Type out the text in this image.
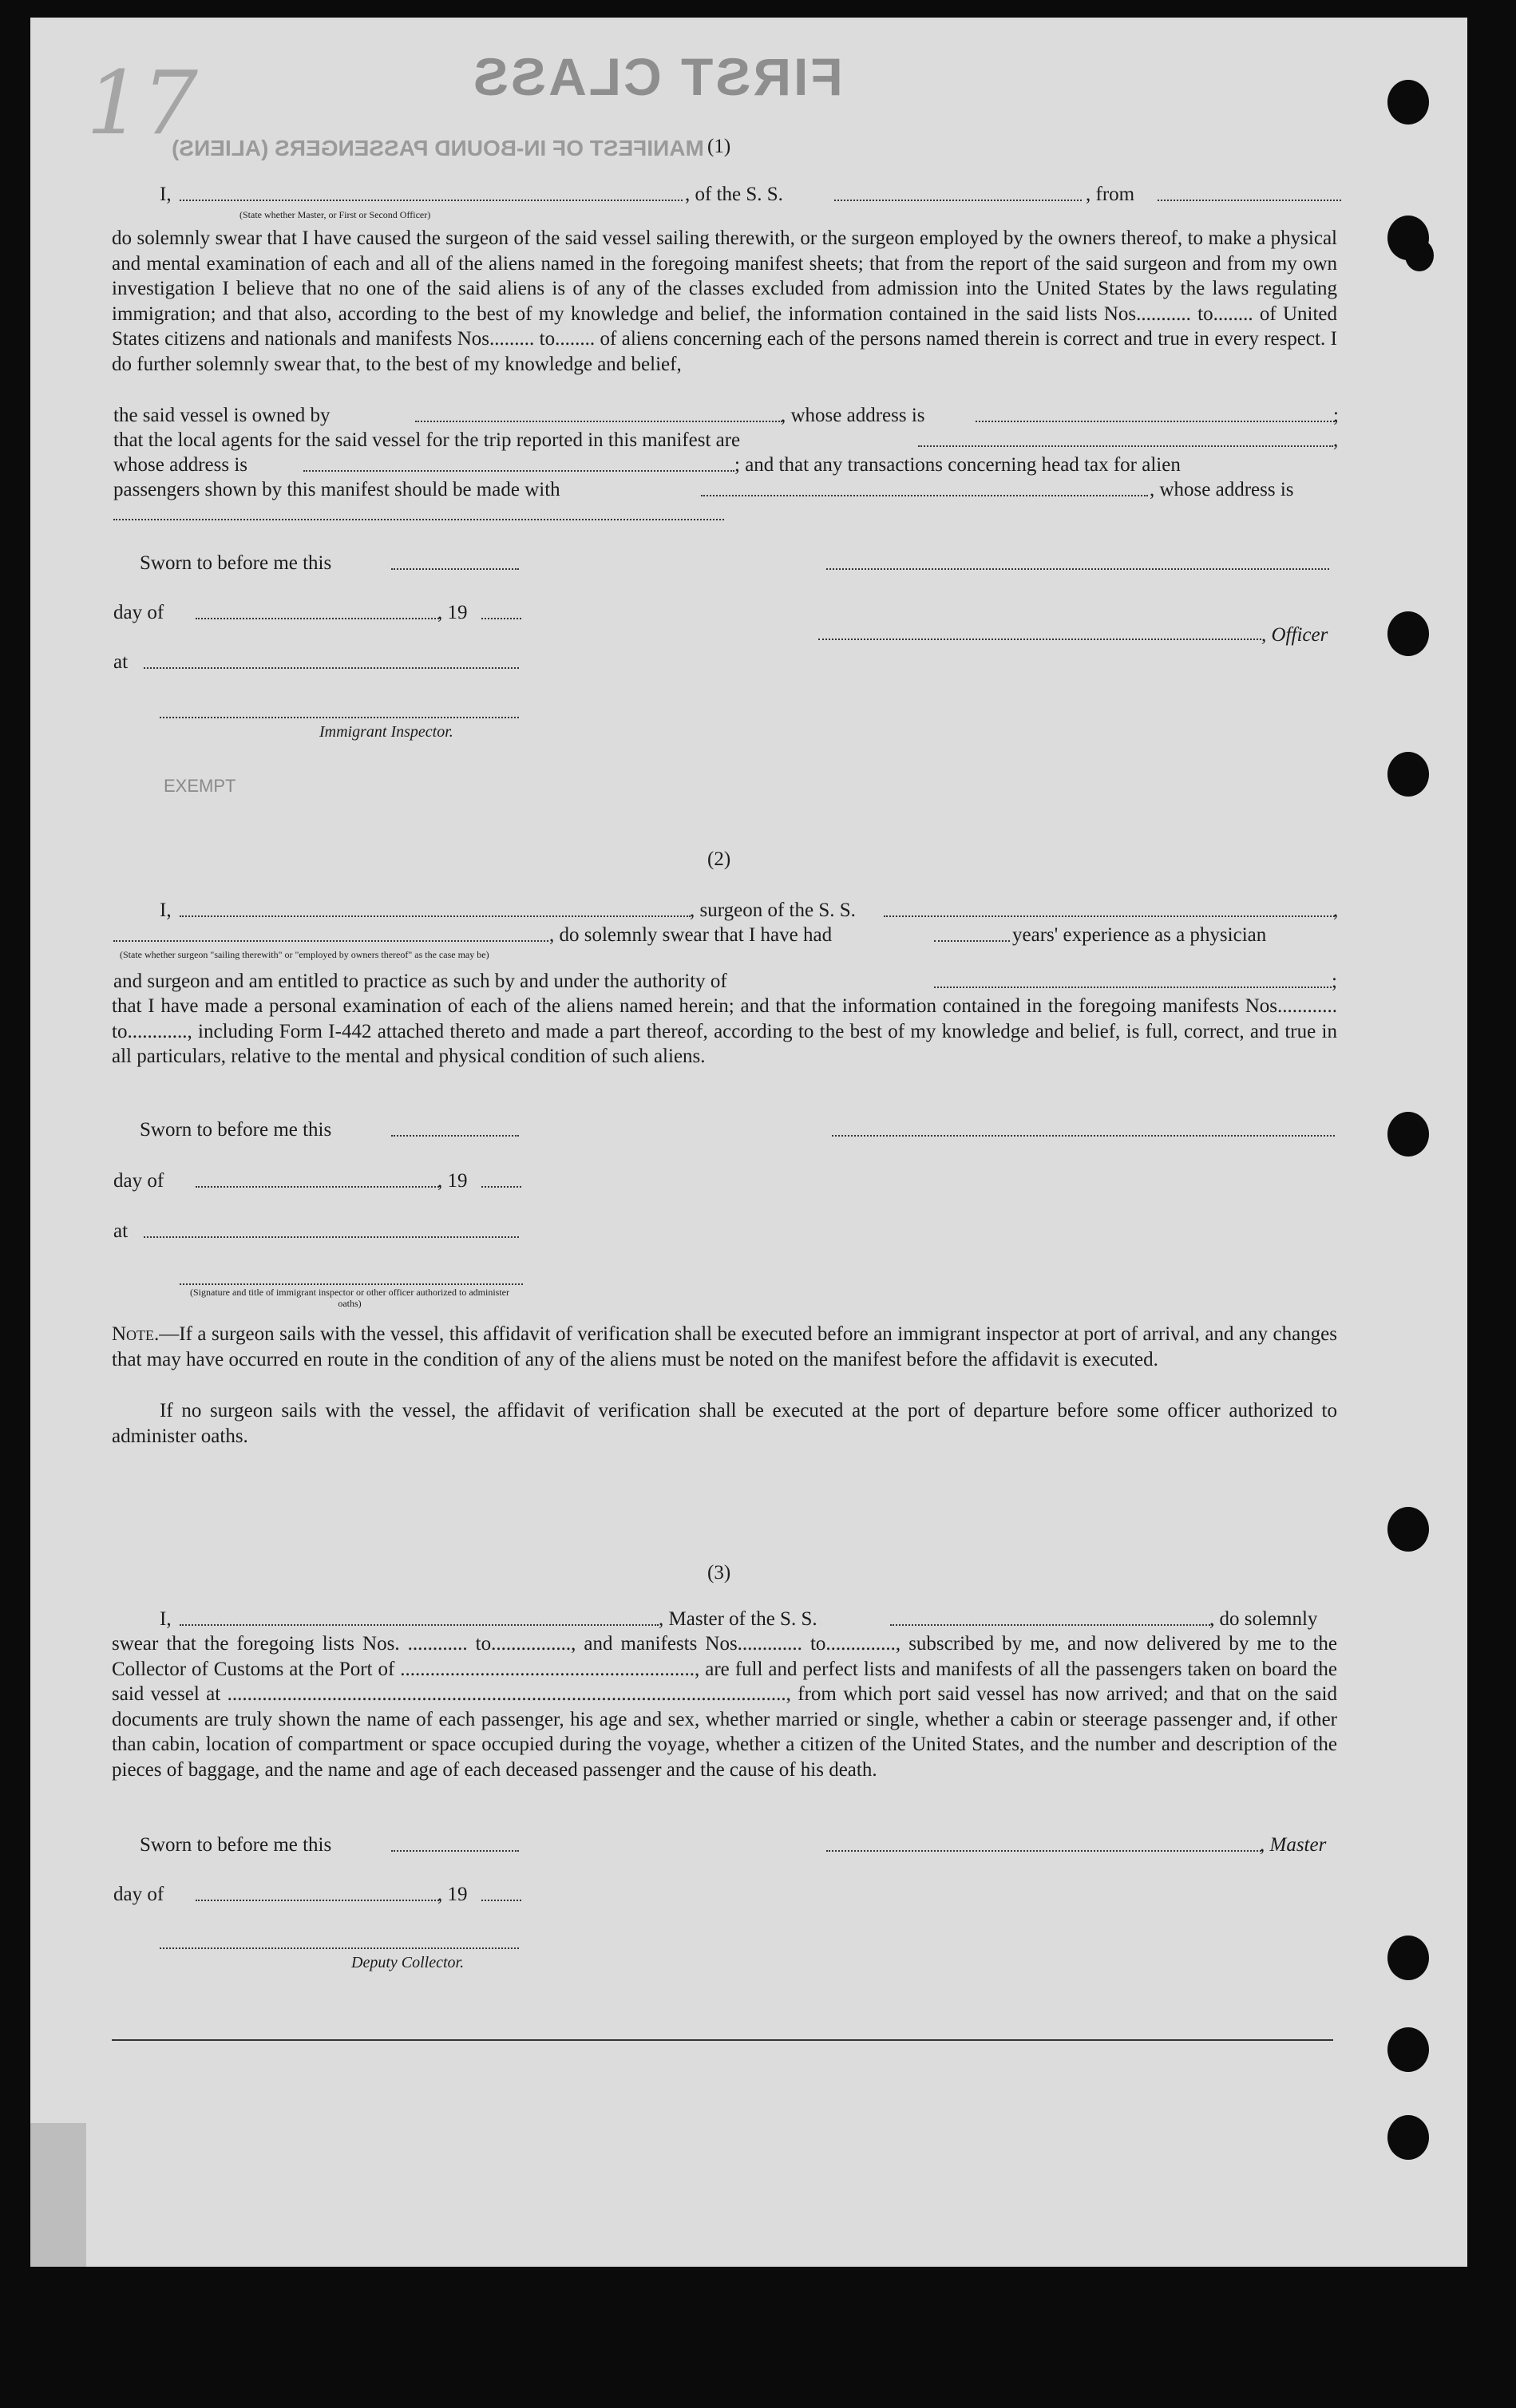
FIRST CLASS
MANIFEST OF IN-BOUND PASSENGERS (ALIENS)
17	(1)
I,	, of the S. S.	, from
(State whether Master, or First or Second Officer)
do solemnly swear that I have caused the surgeon of the said vessel sailing therewith, or the surgeon employed by the owners thereof, to make a physical and mental examination of each and all of the aliens named in the foregoing manifest sheets; that from the report of the said surgeon and from my own investigation I believe that no one of the said aliens is of any of the classes excluded from admission into the United States by the laws regulating immigration; and that also, according to the best of my knowledge and belief, the information contained in the said lists Nos........... to........ of United States citizens and nationals and manifests Nos......... to........ of aliens concerning each of the persons named therein is correct and true in every respect. I do further solemnly swear that, to the best of my knowledge and belief,
the said vessel is owned by	, whose address is	;
that the local agents for the said vessel for the trip reported in this manifest are	,
whose address is	; and that any transactions concerning head tax for alien
passengers shown by this manifest should be made with	, whose address is
Sworn to before me this
day of	, 19
, Officer
at
Immigrant Inspector.
EXEMPT
(2)
I,	, surgeon of the S. S.	,
, do solemnly swear that I have had	years' experience as a physician
(State whether surgeon "sailing therewith" or "employed by owners thereof" as the case may be)
and surgeon and am entitled to practice as such by and under the authority of	;
that I have made a personal examination of each of the aliens named herein; and that the information contained in the foregoing manifests Nos............ to............, including Form I-442 attached thereto and made a part thereof, according to the best of my knowledge and belief, is full, correct, and true in all particulars, relative to the mental and physical condition of such aliens.
Sworn to before me this
day of	, 19
at
(Signature and title of immigrant inspector or other officer authorized to administer oaths)
Note.—If a surgeon sails with the vessel, this affidavit of verification shall be executed before an immigrant inspector at port of arrival, and any changes that may have occurred en route in the condition of any of the aliens must be noted on the manifest before the affidavit is executed.
If no surgeon sails with the vessel, the affidavit of verification shall be executed at the port of departure before some officer authorized to administer oaths.
(3)
I,	, Master of the S. S.	, do solemnly
swear that the foregoing lists Nos. ............ to................, and manifests Nos............. to.............., subscribed by me, and now delivered by me to the Collector of Customs at the Port of ..........................................................., are full and perfect lists and manifests of all the passengers taken on board the said vessel at ................................................................................................................, from which port said vessel has now arrived; and that on the said documents are truly shown the name of each passenger, his age and sex, whether married or single, whether a cabin or steerage passenger and, if other than cabin, location of compartment or space occupied during the voyage, whether a citizen of the United States, and the number and description of the pieces of baggage, and the name and age of each deceased passenger and the cause of his death.
Sworn to before me this	, Master
day of	, 19
Deputy Collector.
